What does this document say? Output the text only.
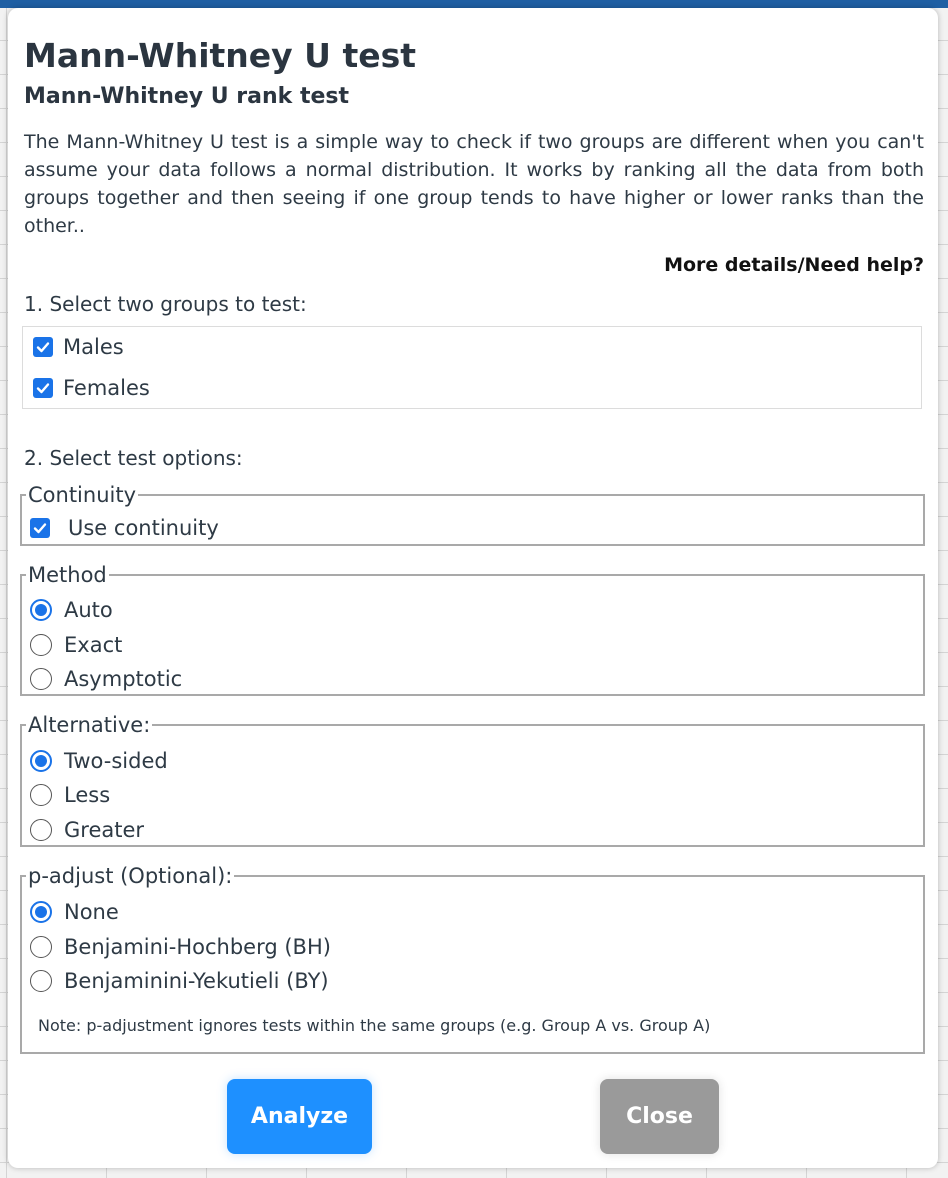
Mann-Whitney U test
Mann-Whitney U rank test

The Mann-Whitney U test is a simple way to check if two groups are different when you can't assume your data follows a normal distribution. It works by ranking all the data from both groups together and then seeing if one group tends to have higher or lower ranks than the other..

More details/Need help?
1. Select two groups to test:
Males
Females
2. Select test options:
Continuity
Use continuity
Method
Auto
Exact
Asymptotic
Alternative:
Two-sided
Less
Greater
p-adjust (Optional):
None
Benjamini-Hochberg (BH)
Benjaminini-Yekutieli (BY)
Note: p-adjustment ignores tests within the same groups (e.g. Group A vs. Group A)
Analyze	Close
